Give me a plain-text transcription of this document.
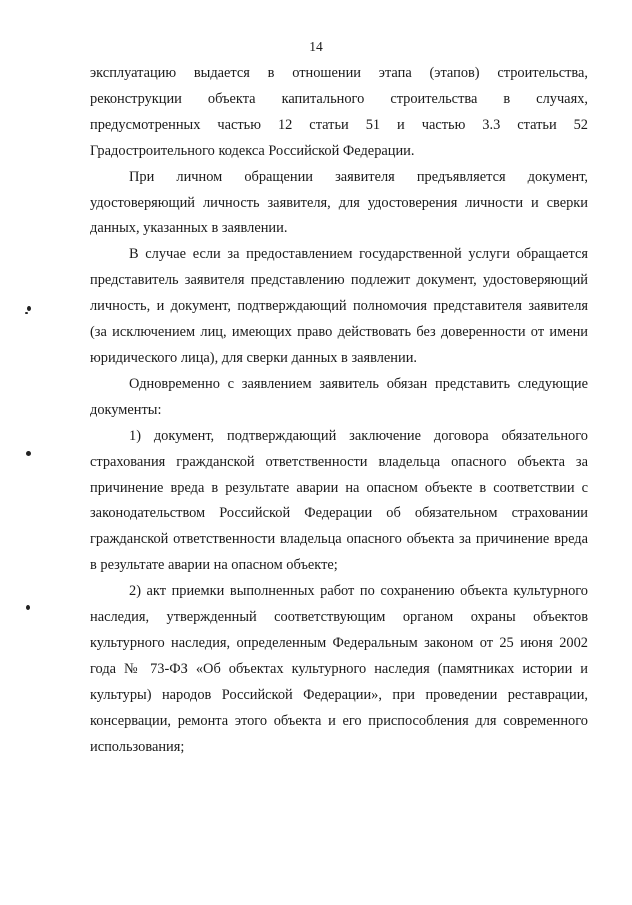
14

эксплуатацию выдается в отношении этапа (этапов) строительства, реконструкции объекта капитального строительства в случаях, предусмотренных частью 12 статьи 51 и частью 3.3 статьи 52 Градостроительного кодекса Российской Федерации.

При личном обращении заявителя предъявляется документ, удостоверяющий личность заявителя, для удостоверения личности и сверки данных, указанных в заявлении.

В случае если за предоставлением государственной услуги обращается представитель заявителя представлению подлежит документ, удостоверяющий личность, и документ, подтверждающий полномочия представителя заявителя (за исключением лиц, имеющих право действовать без доверенности от имени юридического лица), для сверки данных в заявлении.

Одновременно с заявлением заявитель обязан представить следующие документы:

1) документ, подтверждающий заключение договора обязательного страхования гражданской ответственности владельца опасного объекта за причинение вреда в результате аварии на опасном объекте в соответствии с законодательством Российской Федерации об обязательном страховании гражданской ответственности владельца опасного объекта за причинение вреда в результате аварии на опасном объекте;

2) акт приемки выполненных работ по сохранению объекта культурного наследия, утвержденный соответствующим органом охраны объектов культурного наследия, определенным Федеральным законом от 25 июня 2002 года № 73-ФЗ «Об объектах культурного наследия (памятниках истории и культуры) народов Российской Федерации», при проведении реставрации, консервации, ремонта этого объекта и его приспособления для современного использования;
